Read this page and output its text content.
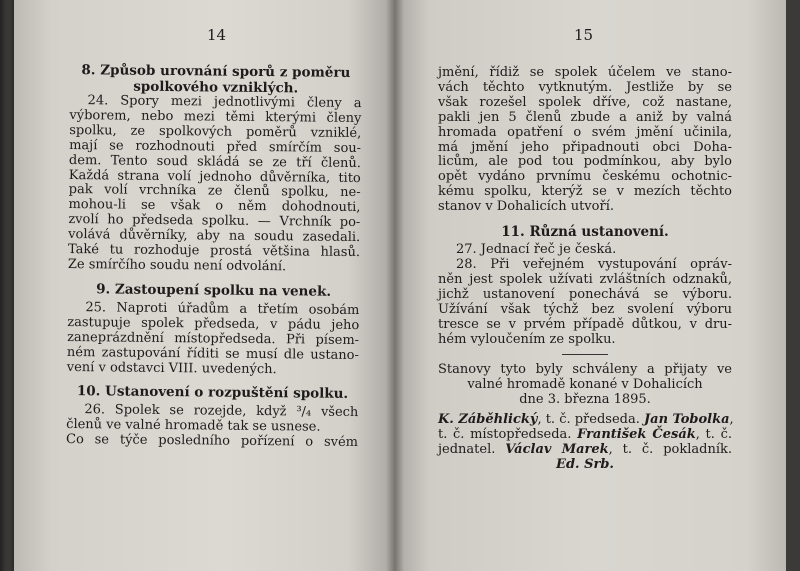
14

8. Způsob urovnání sporů z poměru

spolkového vzniklých.

24. Spory mezi jednotlivými členy a

výborem, nebo mezi těmi kterými členy

spolku, ze spolkových poměrů vzniklé,

mají se rozhodnouti před smírčím sou-

dem. Tento soud skládá se ze tří členů.

Každá strana volí jednoho důvěrníka, tito

pak volí vrchníka ze členů spolku, ne-

mohou-li se však o něm dohodnouti,

zvolí ho předseda spolku. — Vrchník po-

volává důvěrníky, aby na soudu zasedali.

Také tu rozhoduje prostá většina hlasů.

Ze smírčího soudu není odvolání.

9. Zastoupení spolku na venek.

25. Naproti úřadům a třetím osobám

zastupuje spolek předseda, v pádu jeho

zaneprázdnění místopředseda. Při písem-

ném zastupování říditi se musí dle ustano-

vení v odstavci VIII. uvedených.

10. Ustanovení o rozpuštění spolku.

26. Spolek se rozejde, když ³/₄ všech

členů ve valné hromadě tak se usnese.

Co se týče posledního pořízení o svém

15

jmění, řídiž se spolek účelem ve stano-

vách těchto vytknutým. Jestliže by se

však rozešel spolek dříve, což nastane,

pakli jen 5 členů zbude a aniž by valná

hromada opatření o svém jmění učinila,

má jmění jeho připadnouti obci Doha-

licům, ale pod tou podmínkou, aby bylo

opět vydáno prvnímu českému ochotnic-

kému spolku, kterýž se v mezích těchto

stanov v Dohalicích utvoří.

11. Různá ustanovení.

27. Jednací řeč je česká.

28. Při veřejném vystupování opráv-

něn jest spolek užívati zvláštních odznaků,

jichž ustanovení ponechává se výboru.

Užívání však týchž bez svolení výboru

tresce se v prvém případě důtkou, v dru-

hém vyloučením ze spolku.

Stanovy tyto byly schváleny a přijaty ve

valné hromadě konané v Dohalicích

dne 3. března 1895.

K. Záběhlický, t. č. předseda. Jan Tobolka,

t. č. místopředseda. František Česák, t. č.

jednatel. Václav Marek, t. č. pokladník.

Ed. Srb.
